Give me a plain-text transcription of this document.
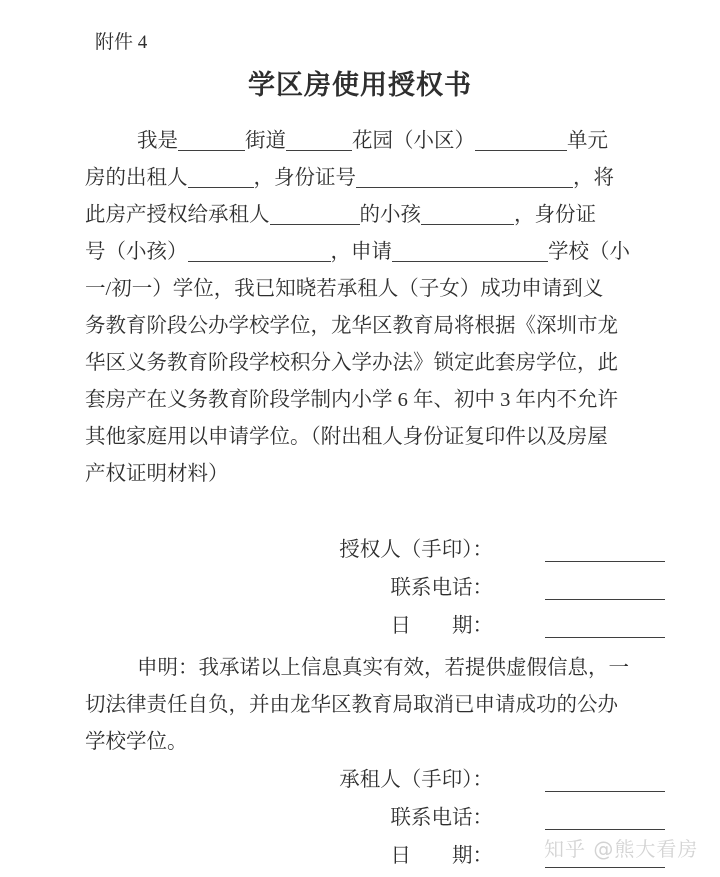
附件 4
学区房使用授权书
我是	街道	花园（小区）	单元
房的出租人	，身份证号	，将
此房产授权给承租人	的小孩	，身份证
号（小孩）	，申请	学校（小
一/初一）学位，我已知晓若承租人（子女）成功申请到义
务教育阶段公办学校学位，龙华区教育局将根据《深圳市龙
华区义务教育阶段学校积分入学办法》锁定此套房学位，此
套房产在义务教育阶段学制内小学 6 年、初中 3 年内不允许
其他家庭用以申请学位。（附出租人身份证复印件以及房屋
产权证明材料）
授权人（手印）：
联系电话：
日　　期：
申明：我承诺以上信息真实有效，若提供虚假信息，一
切法律责任自负，并由龙华区教育局取消已申请成功的公办
学校学位。
承租人（手印）：
联系电话：
日　　期：	知乎 @熊大看房
